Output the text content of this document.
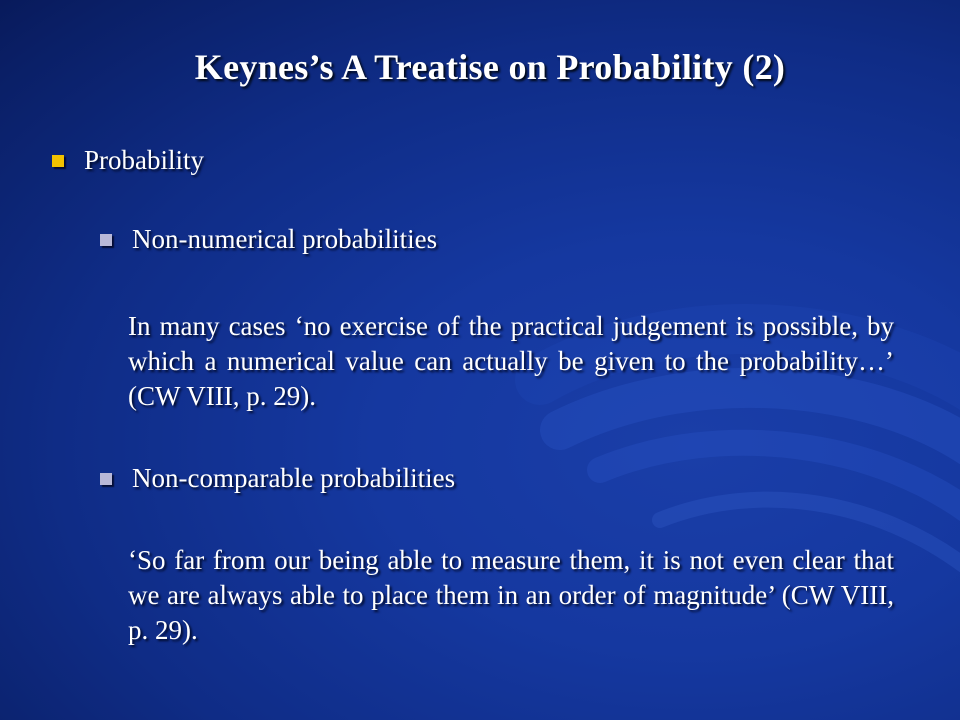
Keynes’s A Treatise on Probability (2)
Probability
Non-numerical probabilities
In many cases ‘no exercise of the practical judgement is possible, by which a numerical value can actually be given to the probability…’ (CW VIII, p. 29).
Non-comparable probabilities
‘So far from our being able to measure them, it is not even clear that we are always able to place them in an order of magnitude’ (CW VIII, p. 29).
